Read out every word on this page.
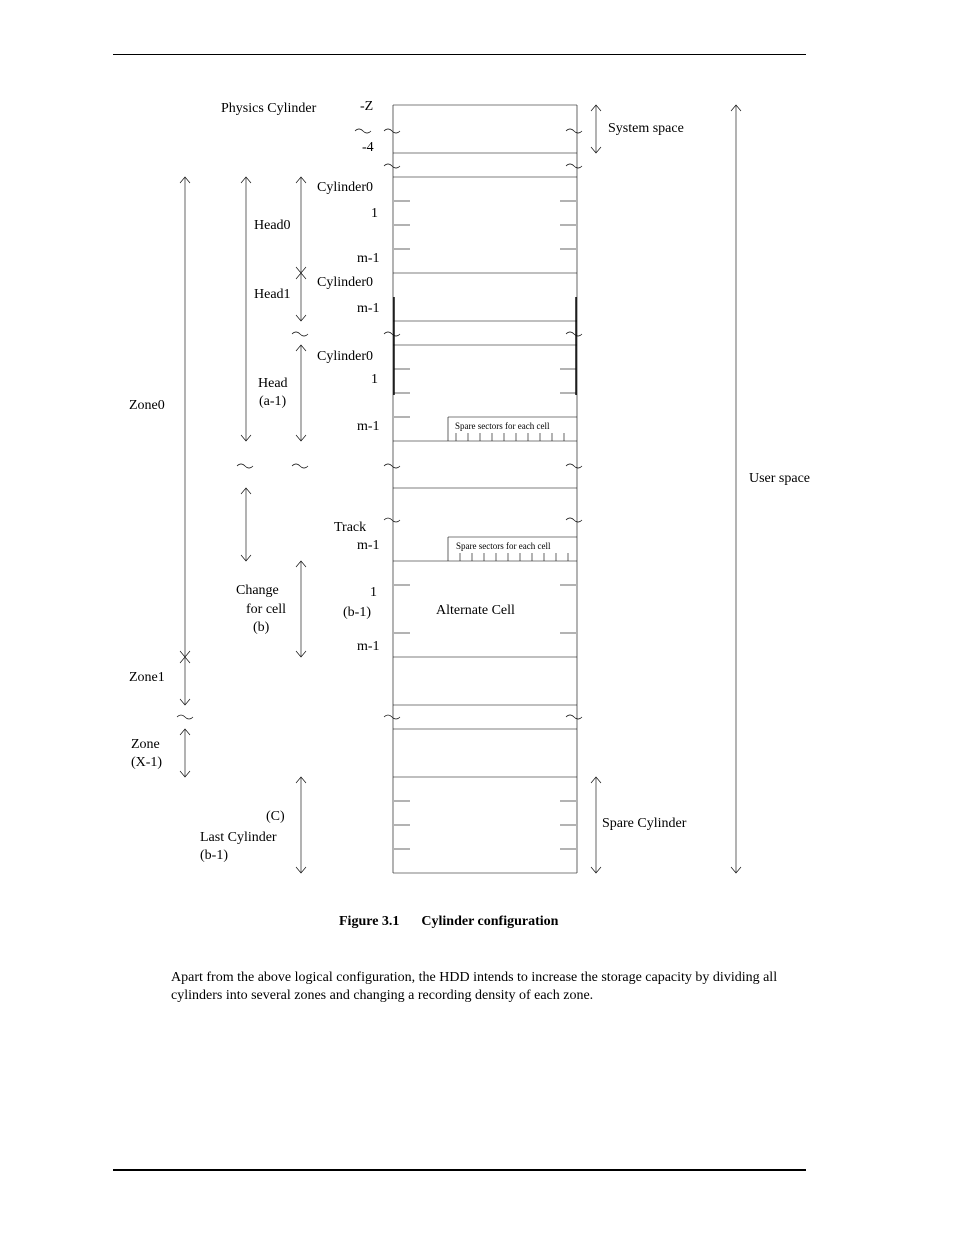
Physics Cylinder	-Z
-4
System space
User space
Cylinder0
1
Head0
m-1
Cylinder0
Head1
m-1
Cylinder0
1
Head
(a-1)
Zone0
m-1	Spare sectors for each cell
Track
m-1	Spare sectors for each cell
Change
for cell
(b)
1
(b-1)	Alternate Cell
m-1
Zone1
Zone
(X-1)
(C)
Last Cylinder
(b-1)
Spare Cylinder
Figure 3.1 Cylinder configuration
Apart from the above logical configuration, the HDD intends to increase the storage capacity by dividing all cylinders into several zones and changing a recording density of each zone.
